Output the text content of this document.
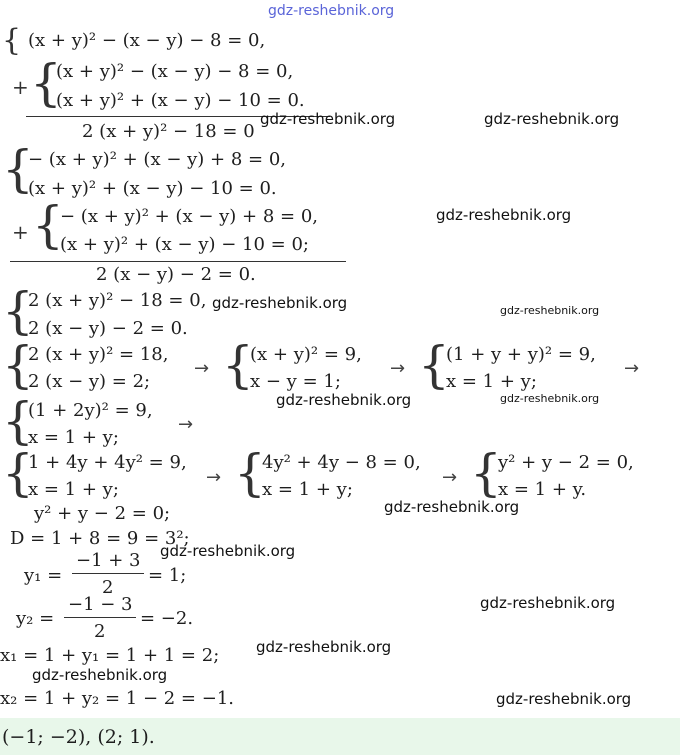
gdz-reshebnik.org
{ (x + y)² − (x − y) − 8 = 0,
+ {
(x + y)² − (x − y) − 8 = 0,
(x + y)² + (x − y) − 10 = 0.
2 (x + y)² − 18 = 0
gdz-reshebnik.org	gdz-reshebnik.org
{
− (x + y)² + (x − y) + 8 = 0,
(x + y)² + (x − y) − 10 = 0.
+ {
− (x + y)² + (x − y) + 8 = 0,
(x + y)² + (x − y) − 10 = 0;
2 (x − y) − 2 = 0.
gdz-reshebnik.org
{
2 (x + y)² − 18 = 0,
2 (x − y) − 2 = 0.
gdz-reshebnik.org	gdz-reshebnik.org
{
2 (x + y)² = 18,
2 (x − y) = 2;
→ {
(x + y)² = 9,
x − y = 1;
→ {
(1 + y + y)² = 9,
x = 1 + y;
→
gdz-reshebnik.org	gdz-reshebnik.org
{
(1 + 2y)² = 9,
x = 1 + y;
→
{
1 + 4y + 4y² = 9,
x = 1 + y;
→ {
4y² + 4y − 8 = 0,
x = 1 + y;
→ {
y² + y − 2 = 0,
x = 1 + y.
y² + y − 2 = 0;	gdz-reshebnik.org
D = 1 + 8 = 9 = 3²;
gdz-reshebnik.org
y₁ =
−1 + 3
2
= 1;
y₂ =
−1 − 3
2
= −2.
gdz-reshebnik.org
x₁ = 1 + y₁ = 1 + 1 = 2; gdz-reshebnik.org
gdz-reshebnik.org
x₂ = 1 + y₂ = 1 − 2 = −1.	gdz-reshebnik.org
(−1; −2), (2; 1).
